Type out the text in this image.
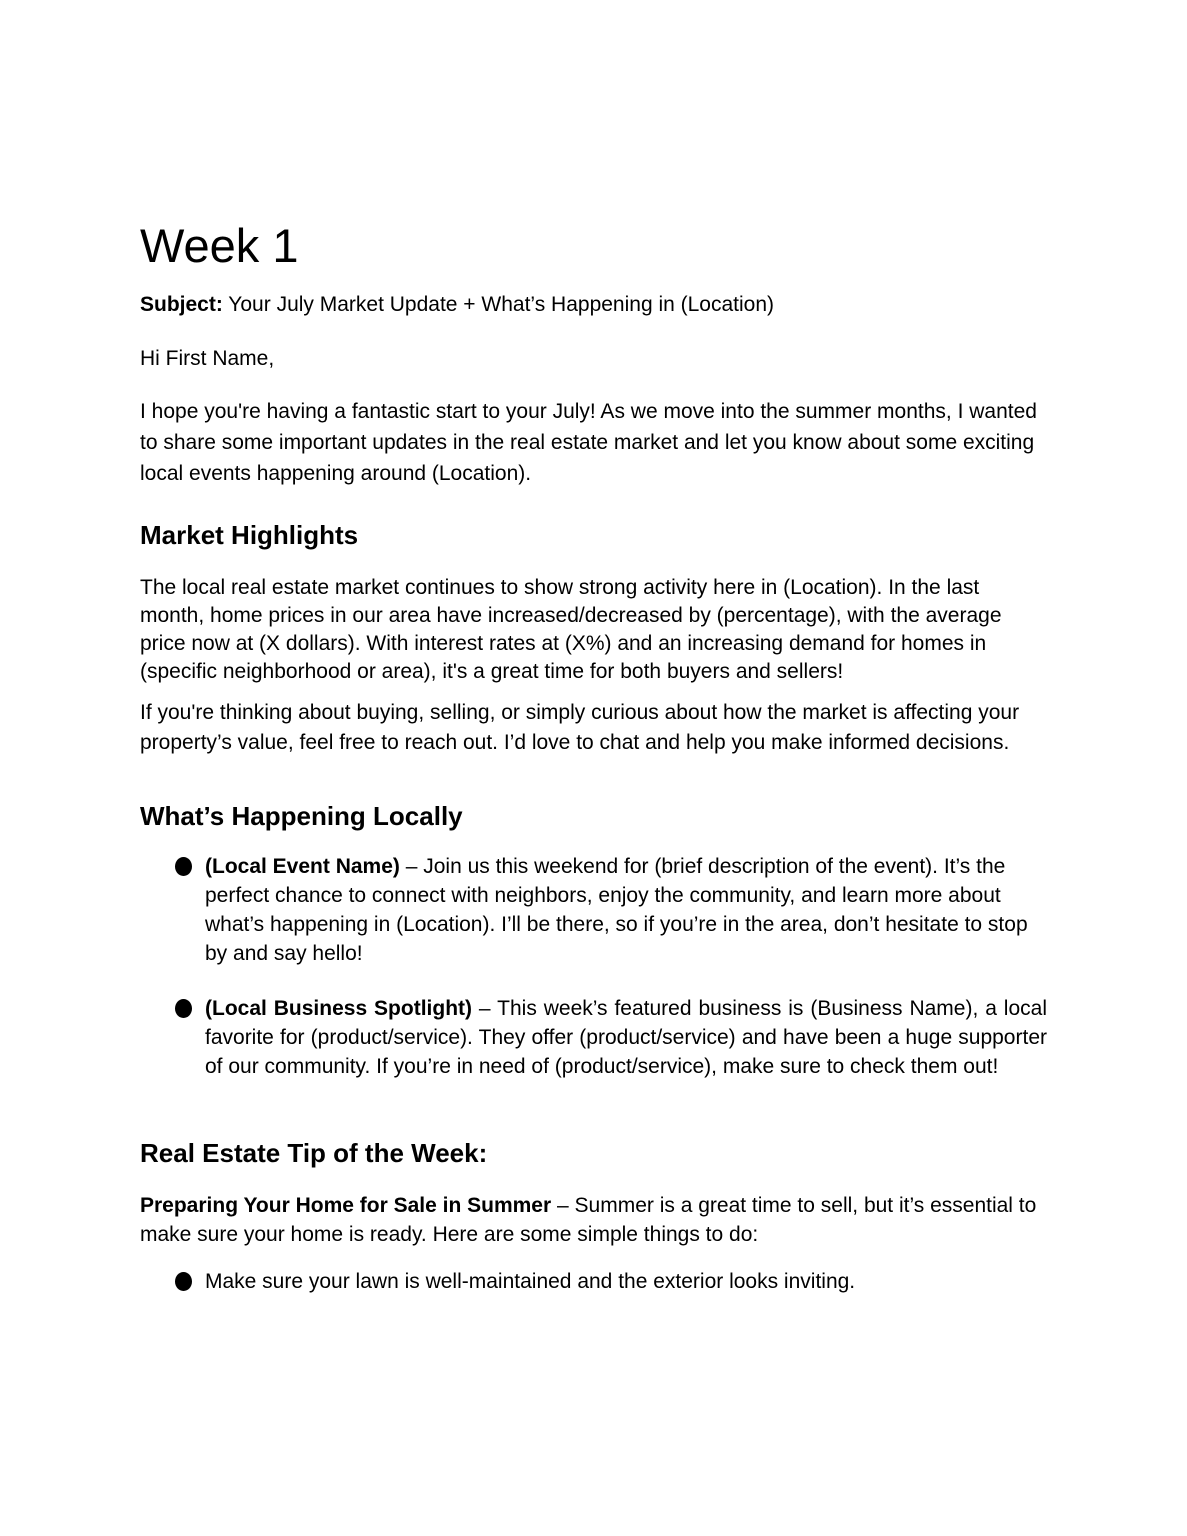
Week 1

Subject: Your July Market Update + What’s Happening in (Location)

Hi First Name,

I hope you're having a fantastic start to your July! As we move into the summer months, I wanted to share some important updates in the real estate market and let you know about some exciting local events happening around (Location).

Market Highlights

The local real estate market continues to show strong activity here in (Location). In the last month, home prices in our area have increased/decreased by (percentage), with the average price now at (X dollars). With interest rates at (X%) and an increasing demand for homes in (specific neighborhood or area), it's a great time for both buyers and sellers!

If you're thinking about buying, selling, or simply curious about how the market is affecting your property’s value, feel free to reach out. I’d love to chat and help you make informed decisions.

What’s Happening Locally
(Local Event Name) – Join us this weekend for (brief description of the event). It’s the perfect chance to connect with neighbors, enjoy the community, and learn more about what’s happening in (Location). I’ll be there, so if you’re in the area, don’t hesitate to stop by and say hello!
(Local Business Spotlight) – This week’s featured business is (Business Name), a local favorite for (product/service). They offer (product/service) and have been a huge supporter of our community. If you’re in need of (product/service), make sure to check them out!
Real Estate Tip of the Week:

Preparing Your Home for Sale in Summer – Summer is a great time to sell, but it’s essential to make sure your home is ready. Here are some simple things to do:

Make sure your lawn is well-maintained and the exterior looks inviting.
